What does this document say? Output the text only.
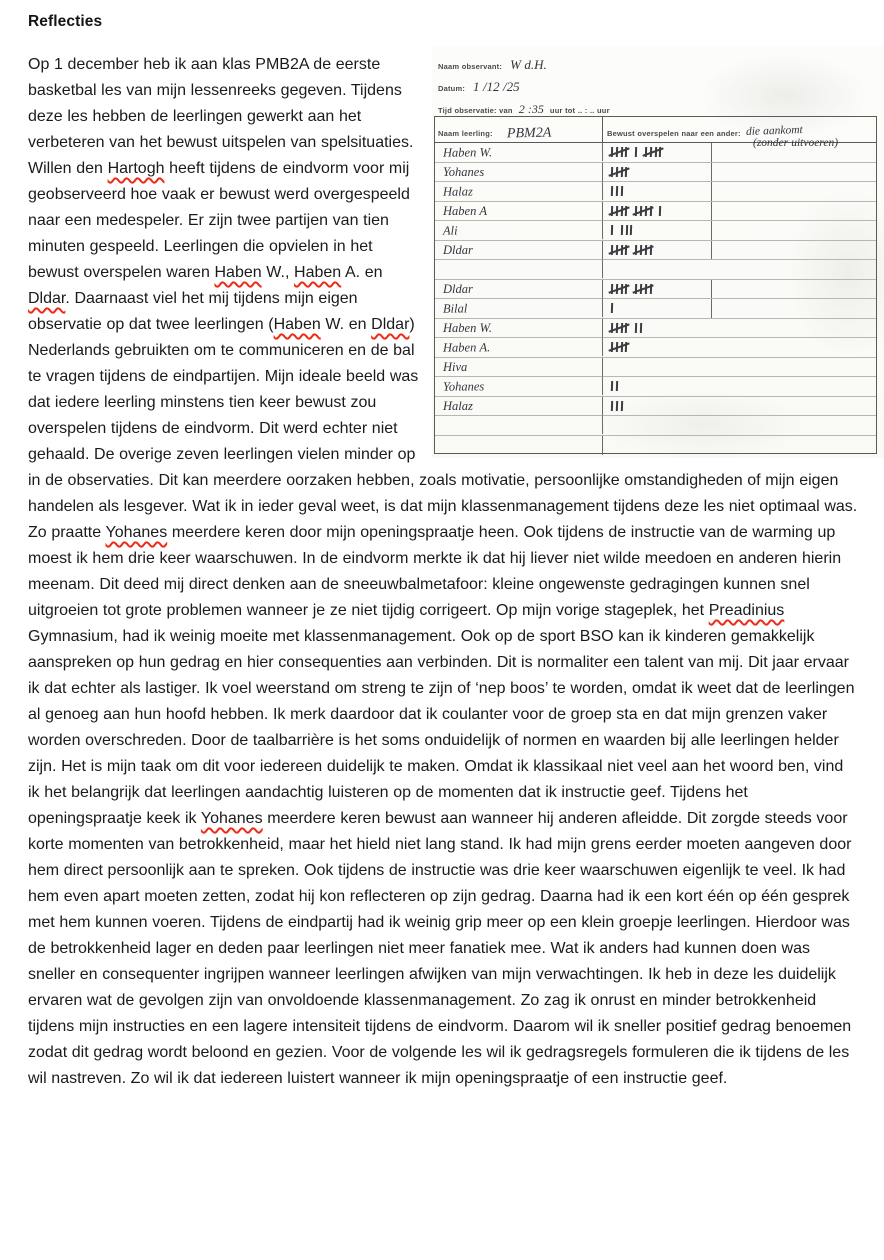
Reflecties
Naam observant: W d.H.
Datum: 1 /12 /25
Tijd observatie: van 2 :35 uur tot .. : .. uur
Naam leerling: PBM2A	Bewust overspelen naar een ander: die aankomt
(zonder uitvoeren)
Haben W.
Yohanes
Halaz
Haben A
Ali
Dldar
Dldar
Bilal
Haben W.
Haben A.
Hiva
Yohanes
Halaz
Op 1 december heb ik aan klas PMB2A de eerste basketbal les van mijn lessenreeks gegeven. Tijdens deze les hebben de leerlingen gewerkt aan het verbeteren van het bewust uitspelen van spelsituaties. Willen den Hartogh heeft tijdens de eindvorm voor mij geobserveerd hoe vaak er bewust werd overgespeeld naar een medespeler. Er zijn twee partijen van tien minuten gespeeld. Leerlingen die opvielen in het bewust overspelen waren Haben W., Haben A. en Dldar. Daarnaast viel het mij tijdens mijn eigen observatie op dat twee leerlingen (Haben W. en Dldar) Nederlands gebruikten om te communiceren en de bal te vragen tijdens de eindpartijen. Mijn ideale beeld was dat iedere leerling minstens tien keer bewust zou overspelen tijdens de eindvorm. Dit werd echter niet gehaald. De overige zeven leerlingen vielen minder op in de observaties. Dit kan meerdere oorzaken hebben, zoals motivatie, persoonlijke omstandigheden of mijn eigen handelen als lesgever. Wat ik in ieder geval weet, is dat mijn klassenmanagement tijdens deze les niet optimaal was. Zo praatte Yohanes meerdere keren door mijn openingspraatje heen. Ook tijdens de instructie van de warming up moest ik hem drie keer waarschuwen. In de eindvorm merkte ik dat hij liever niet wilde meedoen en anderen hierin meenam. Dit deed mij direct denken aan de sneeuwbalmetafoor: kleine ongewenste gedragingen kunnen snel uitgroeien tot grote problemen wanneer je ze niet tijdig corrigeert. Op mijn vorige stageplek, het Preadinius Gymnasium, had ik weinig moeite met klassenmanagement. Ook op de sport BSO kan ik kinderen gemakkelijk aanspreken op hun gedrag en hier consequenties aan verbinden. Dit is normaliter een talent van mij. Dit jaar ervaar ik dat echter als lastiger. Ik voel weerstand om streng te zijn of ‘nep boos’ te worden, omdat ik weet dat de leerlingen al genoeg aan hun hoofd hebben. Ik merk daardoor dat ik coulanter voor de groep sta en dat mijn grenzen vaker worden overschreden. Door de taalbarrière is het soms onduidelijk of normen en waarden bij alle leerlingen helder zijn. Het is mijn taak om dit voor iedereen duidelijk te maken. Omdat ik klassikaal niet veel aan het woord ben, vind ik het belangrijk dat leerlingen aandachtig luisteren op de momenten dat ik instructie geef. Tijdens het openingspraatje keek ik Yohanes meerdere keren bewust aan wanneer hij anderen afleidde. Dit zorgde steeds voor korte momenten van betrokkenheid, maar het hield niet lang stand. Ik had mijn grens eerder moeten aangeven door hem direct persoonlijk aan te spreken. Ook tijdens de instructie was drie keer waarschuwen eigenlijk te veel. Ik had hem even apart moeten zetten, zodat hij kon reflecteren op zijn gedrag. Daarna had ik een kort één op één gesprek met hem kunnen voeren. Tijdens de eindpartij had ik weinig grip meer op een klein groepje leerlingen. Hierdoor was de betrokkenheid lager en deden paar leerlingen niet meer fanatiek mee. Wat ik anders had kunnen doen was sneller en consequenter ingrijpen wanneer leerlingen afwijken van mijn verwachtingen. Ik heb in deze les duidelijk ervaren wat de gevolgen zijn van onvoldoende klassenmanagement. Zo zag ik onrust en minder betrokkenheid tijdens mijn instructies en een lagere intensiteit tijdens de eindvorm. Daarom wil ik sneller positief gedrag benoemen zodat dit gedrag wordt beloond en gezien. Voor de volgende les wil ik gedragsregels formuleren die ik tijdens de les wil nastreven. Zo wil ik dat iedereen luistert wanneer ik mijn openingspraatje of een instructie geef.
